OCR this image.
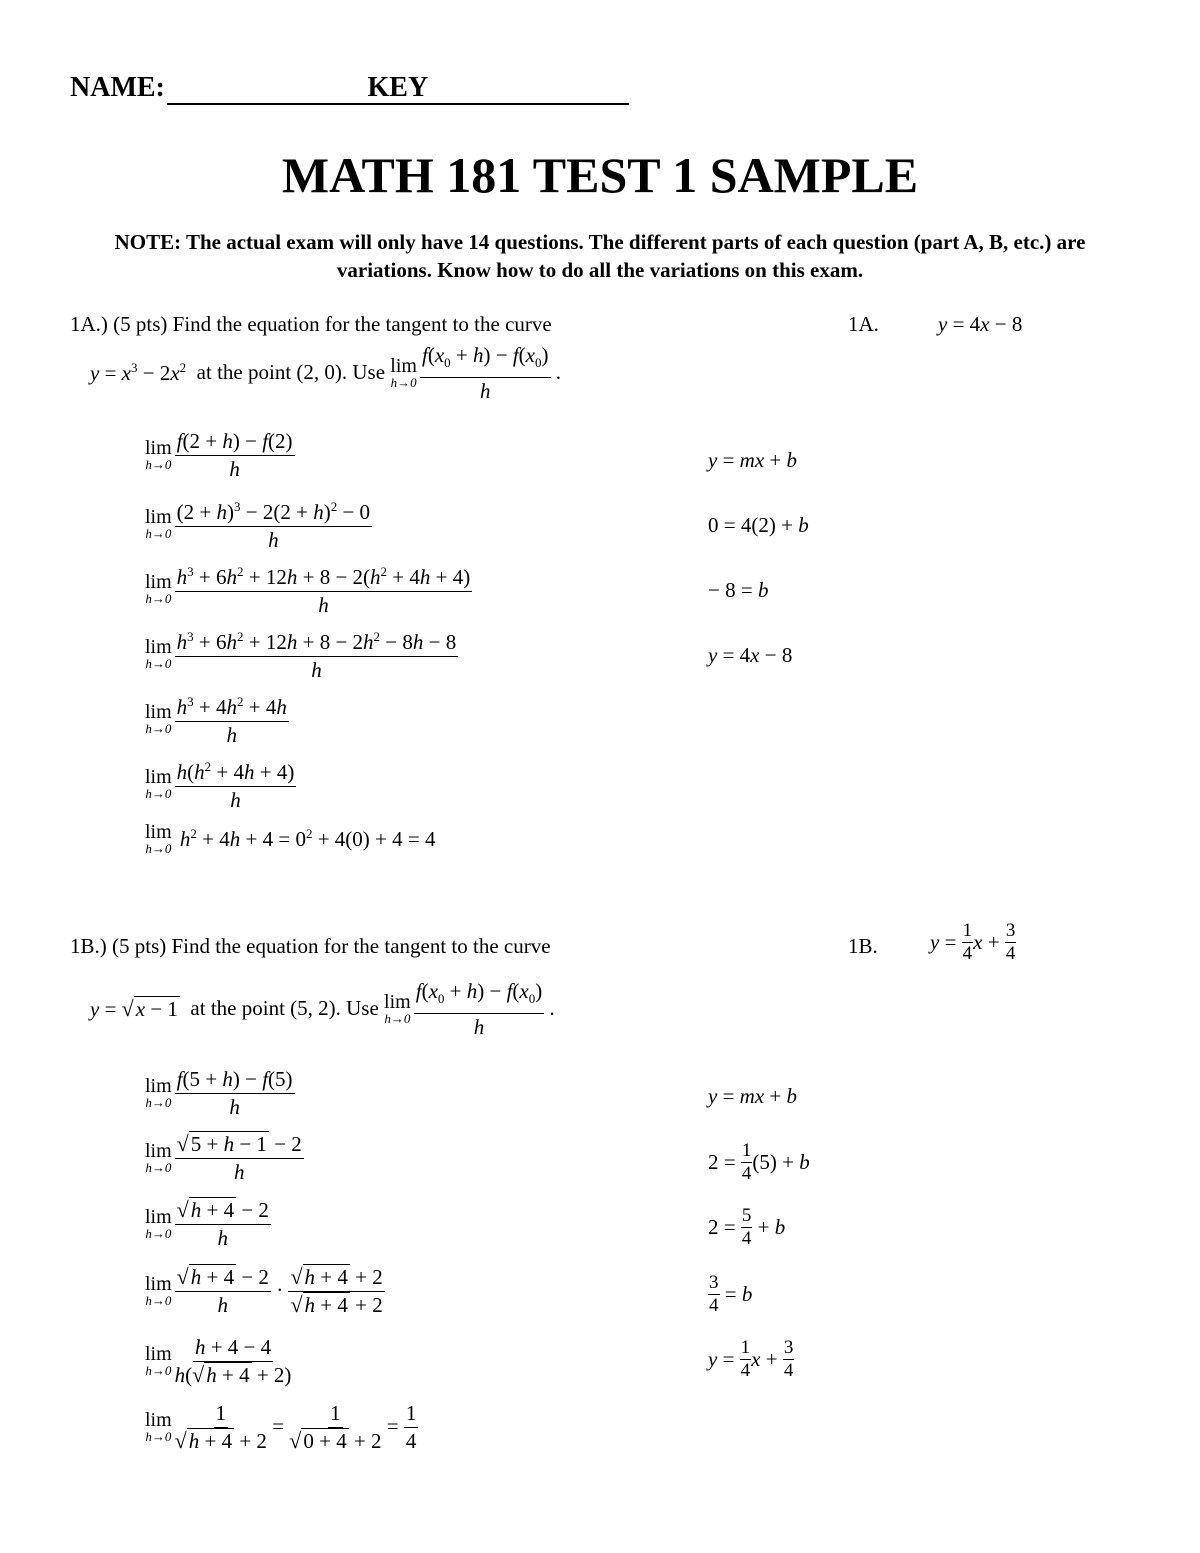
NAME:	KEY
MATH 181 TEST 1 SAMPLE
NOTE: The actual exam will only have 14 questions. The different parts of each question (part A, B, etc.) are variations. Know how to do all the variations on this exam.
1A.) (5 pts) Find the equation for the tangent to the curve	1A.	y = 4x − 8
$y = x^3 - 2x^2$ at the point (2, 0). Use
lim
$h\to 0 \frac{f(x_0 + h) - f(x_0)}{h}$ .
lim
$h\to 0 \frac{f(2 + h) - f(2)}{h}$
lim
$h\to 0 \frac{(2 + h)^3 - 2(2 + h)^2 - 0}{h}$
lim
$h\to 0 \frac{h^3 + 6h^2 + 12h + 8 - 2(h^2 + 4h + 4)}{h}$
lim
$h\to 0 \frac{h^3 + 6h^2 + 12h + 8 - 2h^2 - 8h - 8}{h}$
lim
$h\to 0 \frac{h^3 + 4h^2 + 4h}{h}$
lim
$h\to 0 \frac{h(h^2 + 4h + 4)}{h}$
lim
h→0 $h^2 + 4h + 4 = 0^2 + 4(0) + 4 = 4$
y = mx + b
0 = 4(2) + b
− 8 = b
y = 4x − 8
1B.) (5 pts) Find the equation for the tangent to the curve	1B. $y = \frac{1}{4}$ $x + \frac{3}{4}$
y = √x − 1 at the point (5, 2). Use
lim
$h\to 0 \frac{f(x_0 + h) - f(x_0)}{h}$ .
lim
$h\to 0 \frac{f(5 + h) - f(5)}{h}$
lim
$h\to 0 \frac{√5 + h - 1 - 2}{h}$
lim
$h\to 0 \frac{√h + 4 - 2}{h}$
lim
$h\to 0 \frac{√h + 4 - 2}{h} \cdot \frac{√h + 4 + 2}{√h + 4 + 2}$
lim
$h\to 0 \frac{h + 4 - 4}{h(√h + 4 + 2)}$
lim
$h\to 0 \frac{1}{√h + 4 + 2} = \frac{1}{√0 + 4 + 2} = \frac{1}{4}$
y = mx + b
$2 = \frac{1}{4} (5) + b$
$2 = \frac{5}{4} + b$
$\frac{3}{4} = b$
$y = \frac{1}{4}$ $x + \frac{3}{4}$
